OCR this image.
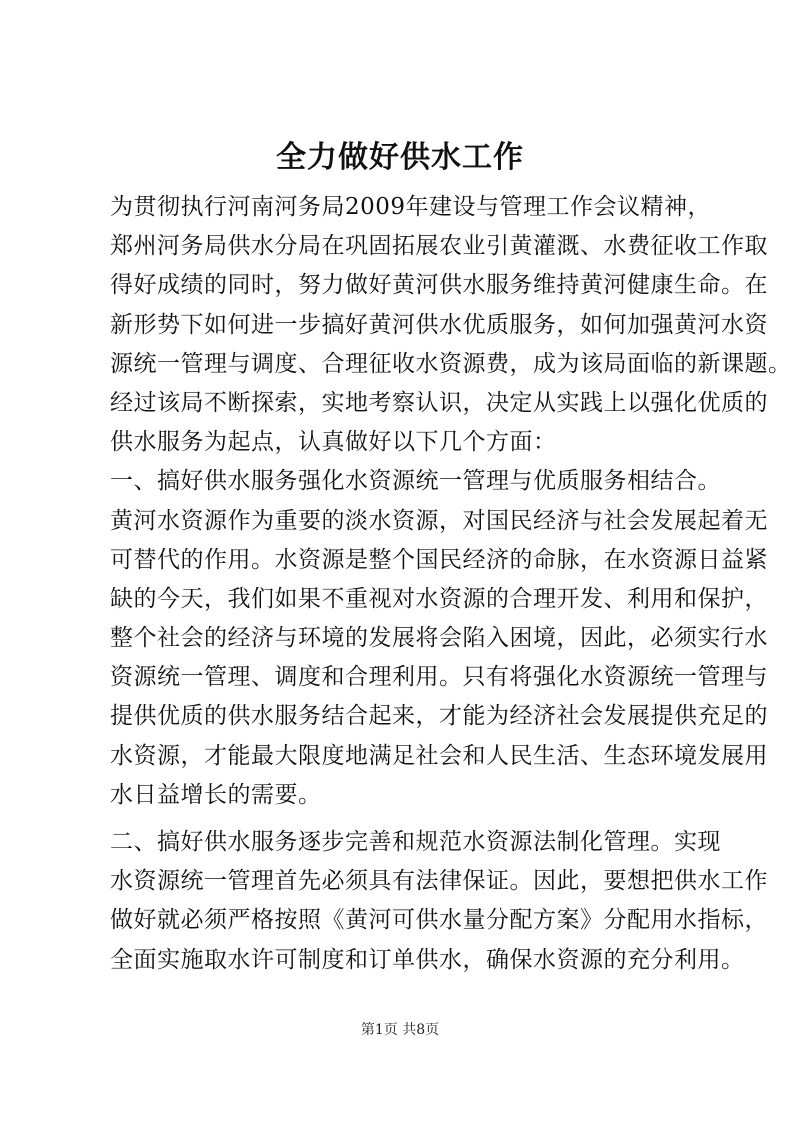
全力做好供水工作
为贯彻执行河南河务局2009年建设与管理工作会议精神，
郑州河务局供水分局在巩固拓展农业引黄灌溉、水费征收工作取
得好成绩的同时，努力做好黄河供水服务维持黄河健康生命。在
新形势下如何进一步搞好黄河供水优质服务，如何加强黄河水资
源统一管理与调度、合理征收水资源费，成为该局面临的新课题。
经过该局不断探索，实地考察认识，决定从实践上以强化优质的
供水服务为起点，认真做好以下几个方面：
一、搞好供水服务强化水资源统一管理与优质服务相结合。
黄河水资源作为重要的淡水资源，对国民经济与社会发展起着无
可替代的作用。水资源是整个国民经济的命脉，在水资源日益紧
缺的今天，我们如果不重视对水资源的合理开发、利用和保护，
整个社会的经济与环境的发展将会陷入困境，因此，必须实行水
资源统一管理、调度和合理利用。只有将强化水资源统一管理与
提供优质的供水服务结合起来，才能为经济社会发展提供充足的
水资源，才能最大限度地满足社会和人民生活、生态环境发展用
水日益增长的需要。
二、搞好供水服务逐步完善和规范水资源法制化管理。实现
水资源统一管理首先必须具有法律保证。因此，要想把供水工作
做好就必须严格按照《黄河可供水量分配方案》分配用水指标，
全面实施取水许可制度和订单供水，确保水资源的充分利用。
第1页 共8页
